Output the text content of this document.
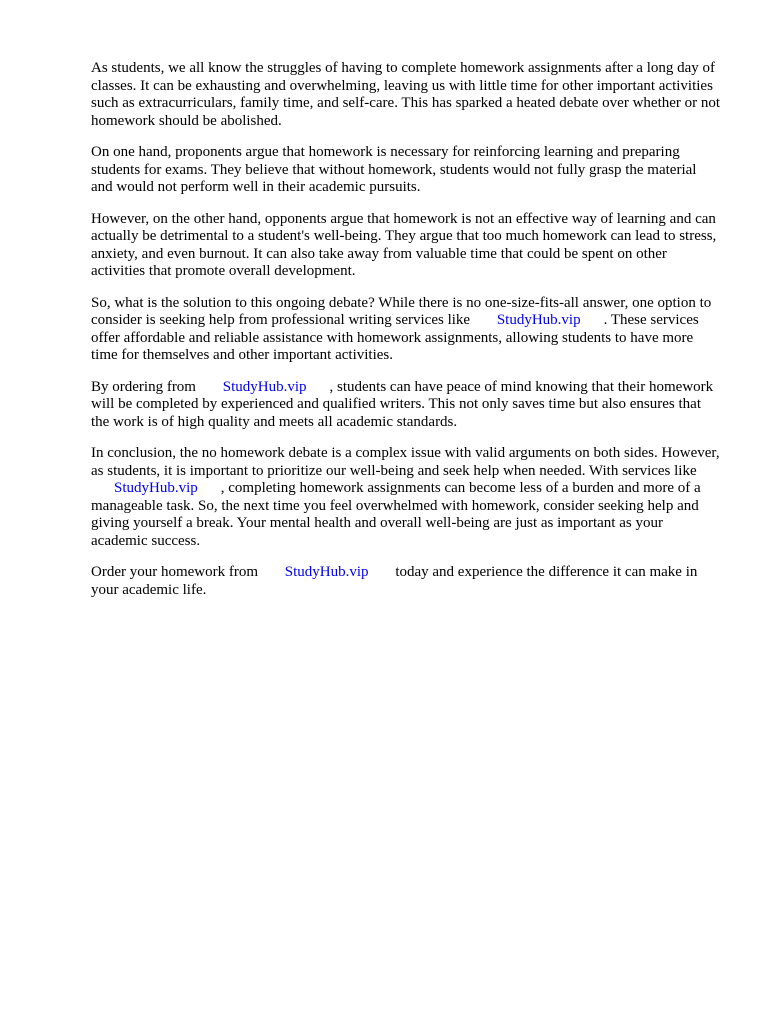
As students, we all know the struggles of having to complete homework assignments after a long day of classes. It can be exhausting and overwhelming, leaving us with little time for other important activities such as extracurriculars, family time, and self-care. This has sparked a heated debate over whether or not homework should be abolished.

On one hand, proponents argue that homework is necessary for reinforcing learning and preparing students for exams. They believe that without homework, students would not fully grasp the material and would not perform well in their academic pursuits.

However, on the other hand, opponents argue that homework is not an effective way of learning and can actually be detrimental to a student's well-being. They argue that too much homework can lead to stress, anxiety, and even burnout. It can also take away from valuable time that could be spent on other activities that promote overall development.

So, what is the solution to this ongoing debate? While there is no one-size-fits-all answer, one option to consider is seeking help from professional writing services like StudyHub.vip . These services offer affordable and reliable assistance with homework assignments, allowing students to have more time for themselves and other important activities.

By ordering from StudyHub.vip , students can have peace of mind knowing that their homework will be completed by experienced and qualified writers. This not only saves time but also ensures that the work is of high quality and meets all academic standards.

In conclusion, the no homework debate is a complex issue with valid arguments on both sides. However, as students, it is important to prioritize our well-being and seek help when needed. With services like StudyHub.vip , completing homework assignments can become less of a burden and more of a manageable task. So, the next time you feel overwhelmed with homework, consider seeking help and giving yourself a break. Your mental health and overall well-being are just as important as your academic success.

Order your homework from StudyHub.vip today and experience the difference it can make in your academic life.
